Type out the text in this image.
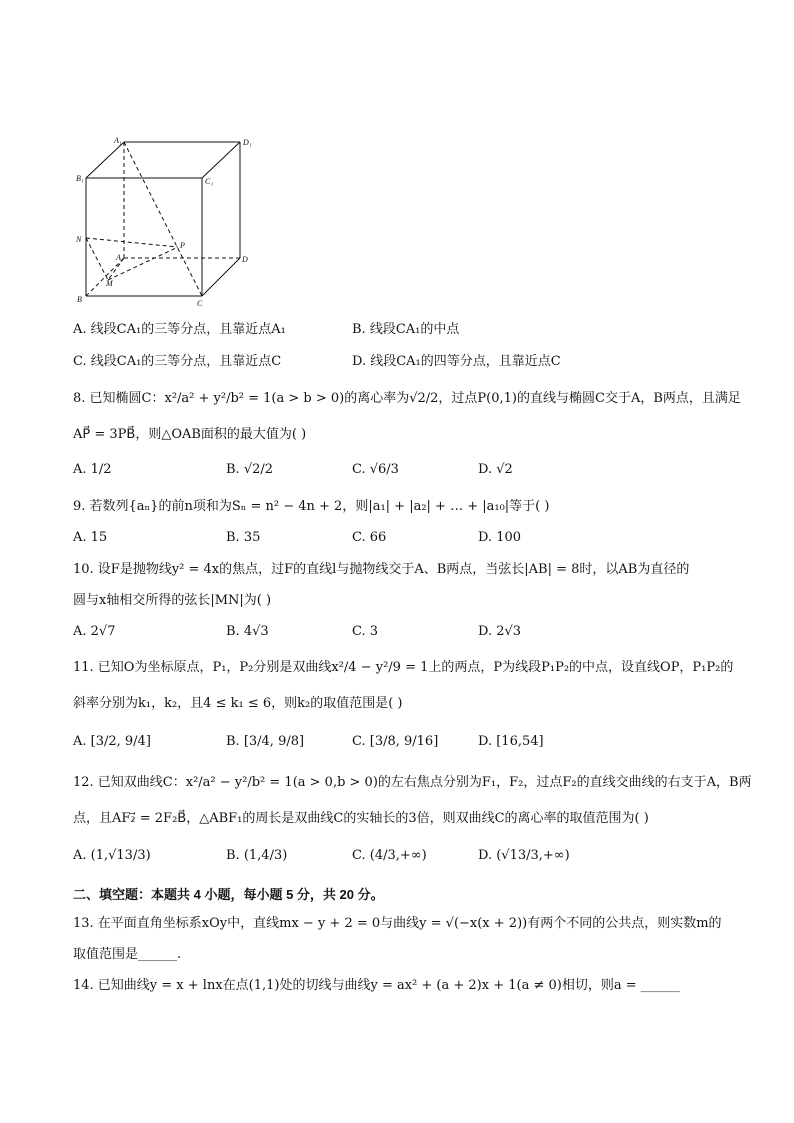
A₁	D₁
B₁	C₁
N
P
A	D
M
B	C
A. 线段CA₁的三等分点，且靠近点A₁	B. 线段CA₁的中点
C. 线段CA₁的三等分点，且靠近点C	D. 线段CA₁的四等分点，且靠近点C
8. 已知椭圆C：x²/a² + y²/b² = 1(a > b > 0)的离心率为√2/2，过点P(0,1)的直线与椭圆C交于A，B两点，且满足
AP⃗ = 3PB⃗，则△OAB面积的最大值为( )
A. 1/2	B. √2/2	C. √6/3	D. √2
9. 若数列{aₙ}的前n项和为Sₙ = n² − 4n + 2，则|a₁| + |a₂| + … + |a₁₀|等于( )
A. 15	B. 35	C. 66	D. 100
10. 设F是抛物线y² = 4x的焦点，过F的直线l与抛物线交于A、B两点，当弦长|AB| = 8时，以AB为直径的
圆与x轴相交所得的弦长|MN|为( )
A. 2√7	B. 4√3	C. 3	D. 2√3
11. 已知O为坐标原点，P₁，P₂分别是双曲线x²/4 − y²/9 = 1上的两点，P为线段P₁P₂的中点，设直线OP，P₁P₂的
斜率分别为k₁，k₂，且4 ≤ k₁ ≤ 6，则k₂的取值范围是( )
A. [3/2, 9/4]	B. [3/4, 9/8]	C. [3/8, 9/16]	D. [16,54]
12. 已知双曲线C：x²/a² − y²/b² = 1(a > 0,b > 0)的左右焦点分别为F₁，F₂，过点F₂的直线交曲线的右支于A，B两
点，且AF₂⃗ = 2F₂B⃗，△ABF₁的周长是双曲线C的实轴长的3倍，则双曲线C的离心率的取值范围为( )
A. (1,√13/3)	B. (1,4/3)	C. (4/3,+∞)	D. (√13/3,+∞)
二、填空题：本题共 4 小题，每小题 5 分，共 20 分。
13. 在平面直角坐标系xOy中，直线mx − y + 2 = 0与曲线y = √(−x(x + 2))有两个不同的公共点，则实数m的
取值范围是______.
14. 已知曲线y = x + lnx在点(1,1)处的切线与曲线y = ax² + (a + 2)x + 1(a ≠ 0)相切，则a = ______
